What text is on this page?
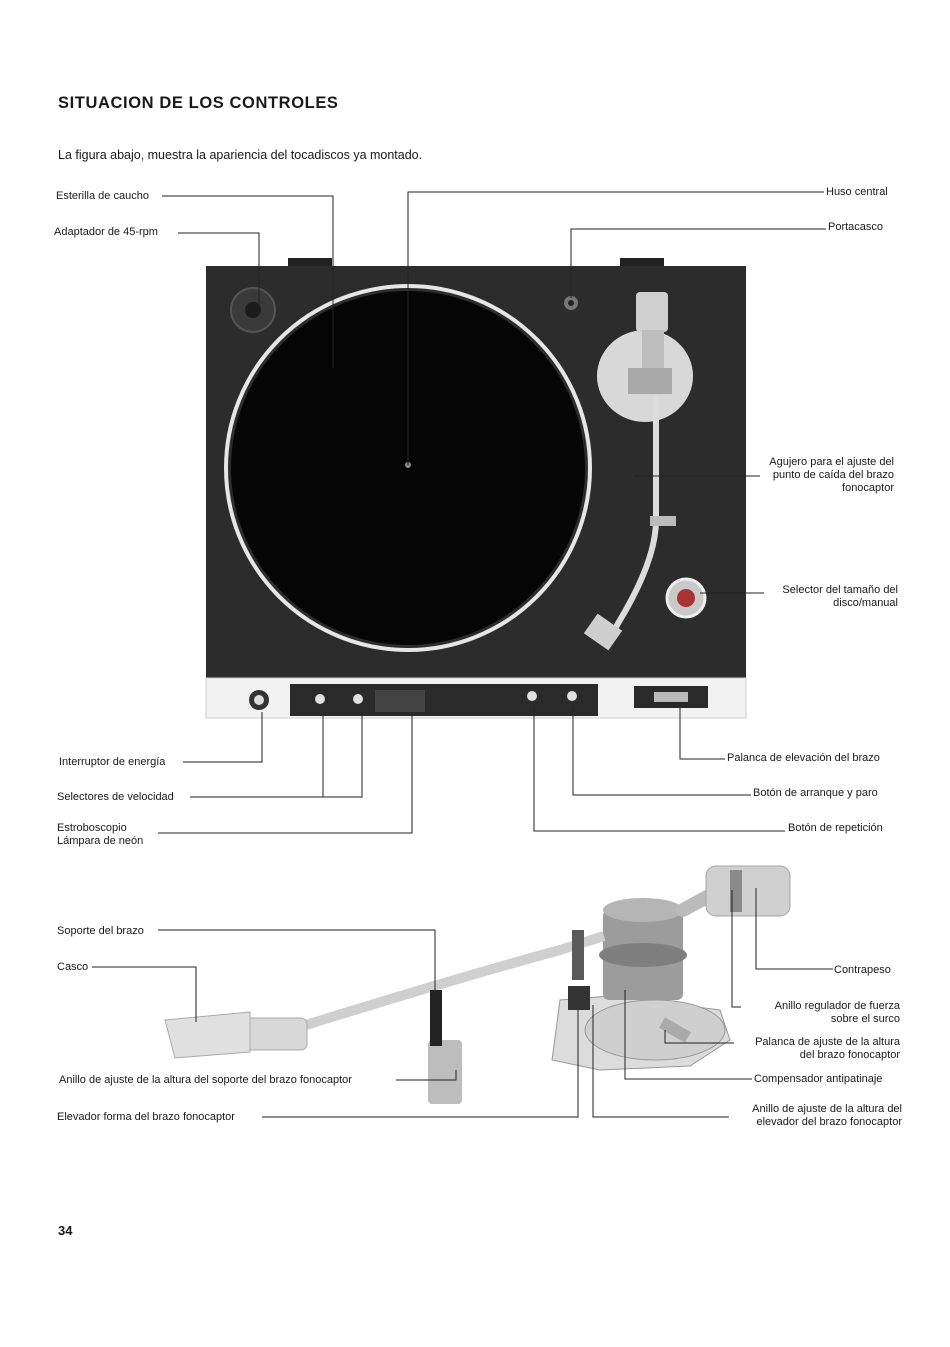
SITUACION DE LOS CONTROLES
La figura abajo, muestra la apariencia del tocadiscos ya montado.
Esterilla de caucho
Adaptador de 45-rpm
Huso central
Portacasco
Agujero para el ajuste del
punto de caída del brazo
fonocaptor
Selector del tamaño del
disco/manual
Interruptor de energía
Selectores de velocidad
Estroboscopio
Lámpara de neón
Palanca de elevación del brazo
Botón de arranque y paro
Botón de repetición
Soporte del brazo
Casco	Contrapeso
Anillo regulador de fuerza
sobre el surco
Palanca de ajuste de la altura
del brazo fonocaptor
Compensador antipatinaje
Anillo de ajuste de la altura del soporte del brazo fonocaptor
Elevador forma del brazo fonocaptor
Anillo de ajuste de la altura del
elevador del brazo fonocaptor
34
